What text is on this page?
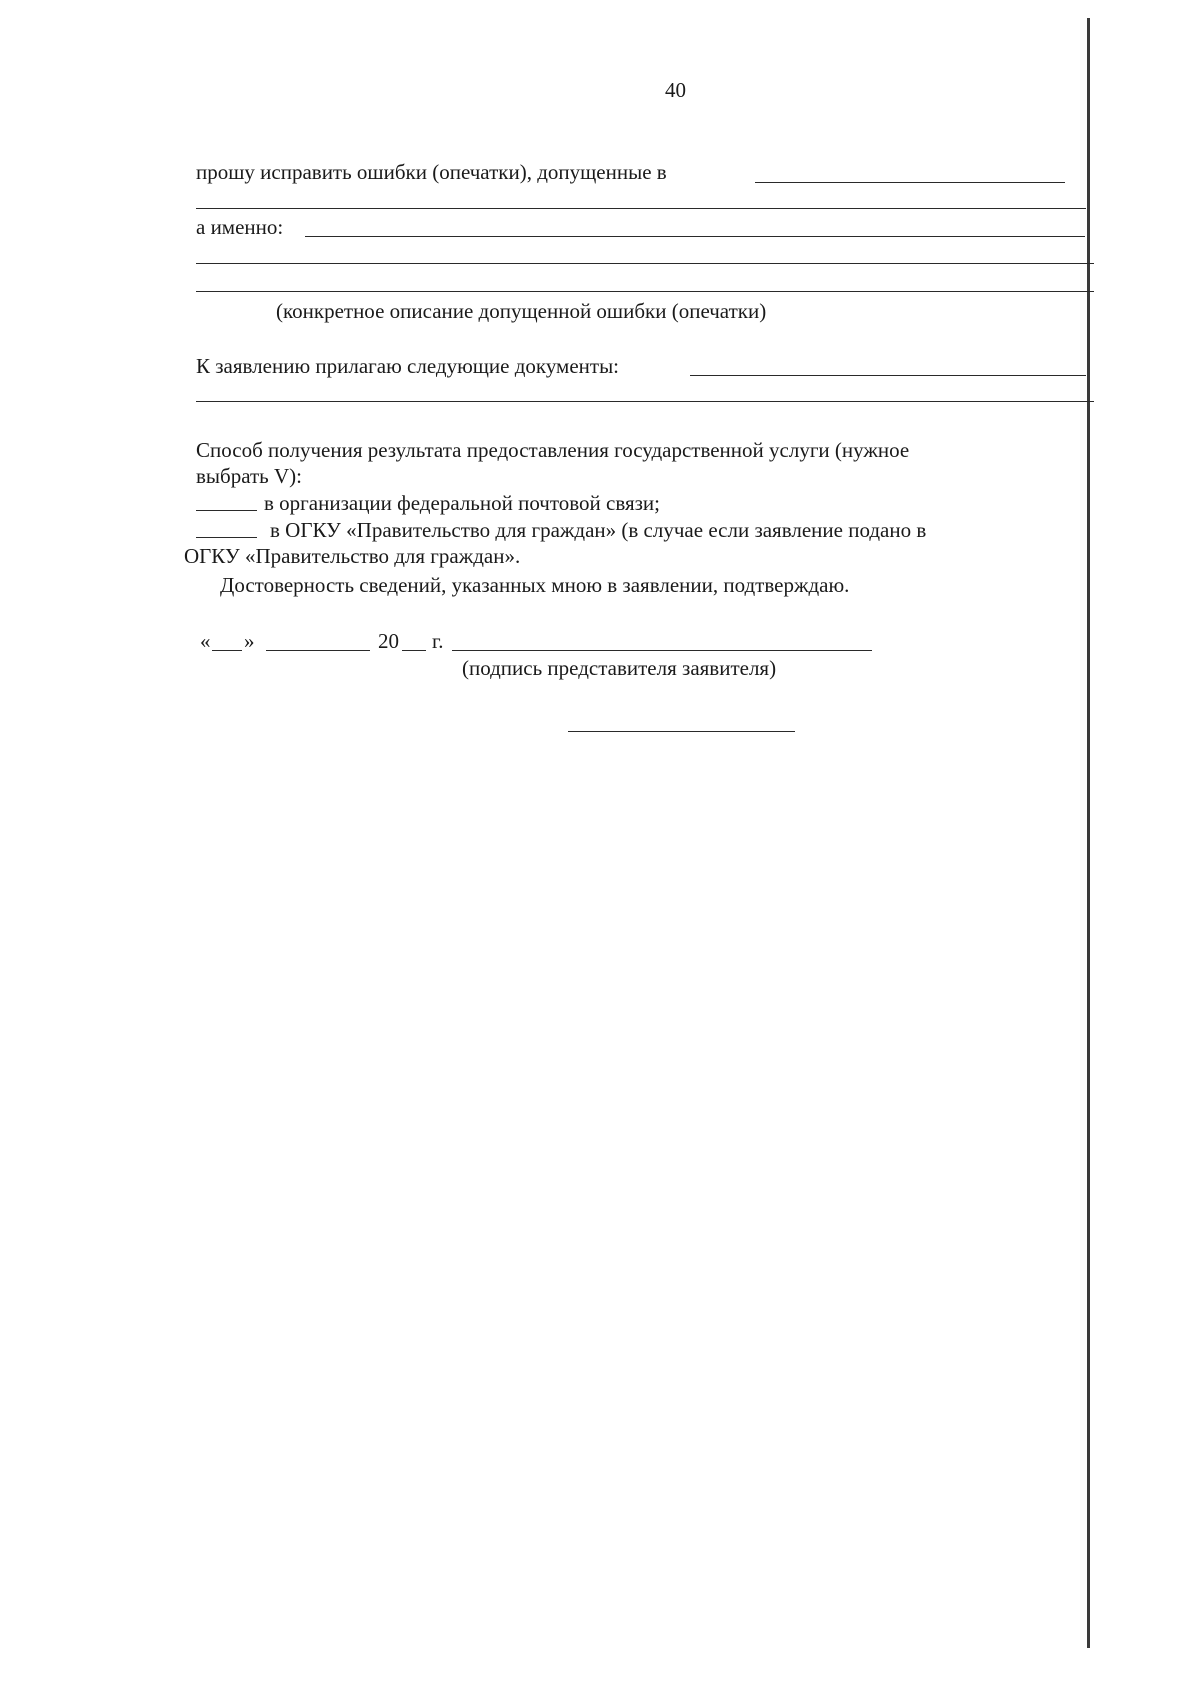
40
прошу исправить ошибки (опечатки), допущенные в
а именно:
(конкретное описание допущенной ошибки (опечатки)
К заявлению прилагаю следующие документы:
Способ получения результата предоставления государственной услуги (нужное
выбрать V):
в организации федеральной почтовой связи;
в ОГКУ «Правительство для граждан» (в случае если заявление подано в
ОГКУ «Правительство для граждан».
Достоверность сведений, указанных мною в заявлении, подтверждаю.
« »	20 г.
(подпись представителя заявителя)
